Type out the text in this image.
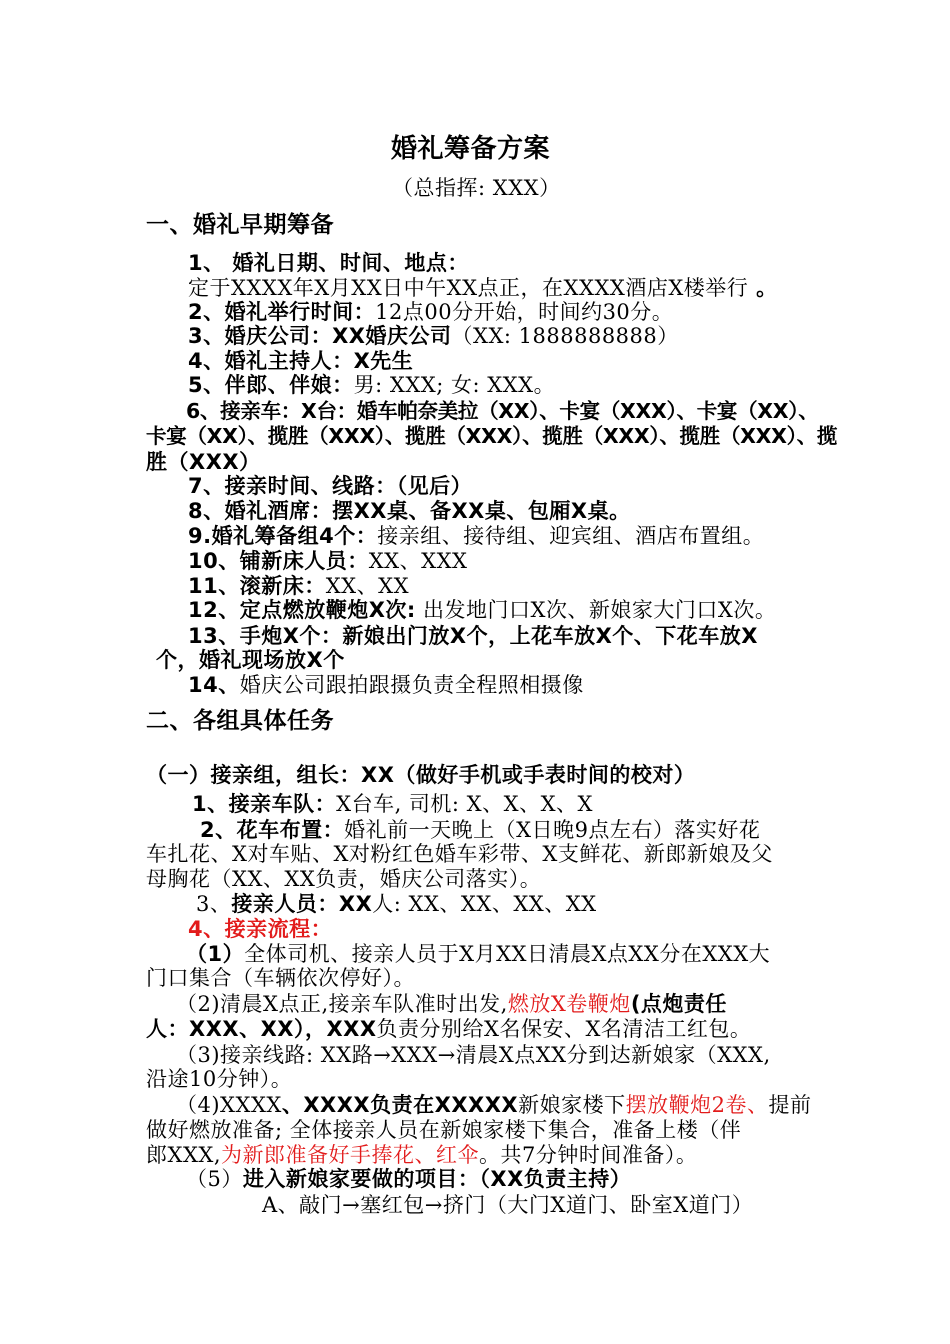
婚礼筹备方案
（总指挥: XXX）
一、婚礼早期筹备
1、 婚礼日期、时间、地点：
定于XXXX年X月XX日中午XX点正，在XXXX酒店X楼举行 。
2、婚礼举行时间：12点00分开始，时间约30分。
3、婚庆公司：XX婚庆公司（XX: 1888888888）
4、婚礼主持人：X先生
5、伴郎、伴娘：男: XXX; 女: XXX。
6、接亲车：X台：婚车帕奈美拉（XX）、卡宴（XXX）、卡宴（XX）、
卡宴（XX）、揽胜（XXX）、揽胜（XXX）、揽胜（XXX）、揽胜（XXX）、揽
胜（XXX）
7、接亲时间、线路：（见后）
8、婚礼酒席：摆XX桌、备XX桌、包厢X桌。
9.婚礼筹备组4个：接亲组、接待组、迎宾组、酒店布置组。
10、铺新床人员：XX、XXX
11、滚新床：XX、XX
12、定点燃放鞭炮X次: 出发地门口X次、新娘家大门口X次。
13、手炮X个：新娘出门放X个，上花车放X个、下花车放X
个，婚礼现场放X个
14、婚庆公司跟拍跟摄负责全程照相摄像
二、各组具体任务
（一）接亲组，组长：XX（做好手机或手表时间的校对）
1、接亲车队：X台车, 司机: X、X、X、X
2、花车布置：婚礼前一天晚上（X日晚9点左右）落实好花
车扎花、X对车贴、X对粉红色婚车彩带、X支鲜花、新郎新娘及父
母胸花（XX、XX负责，婚庆公司落实）。
3、接亲人员：XX人: XX、XX、XX、XX
4、接亲流程：
（1）全体司机、接亲人员于X月XX日清晨X点XX分在XXX大
门口集合（车辆依次停好）。
（2)清晨X点正,接亲车队准时出发,燃放X卷鞭炮(点炮责任
人：XXX、XX），XXX负责分别给X名保安、X名清洁工红包。
（3)接亲线路: XX路→XXX→清晨X点XX分到达新娘家（XXX,
沿途10分钟）。
（4)XXXX、XXXX负责在XXXXX新娘家楼下摆放鞭炮2卷、提前
做好燃放准备; 全体接亲人员在新娘家楼下集合，准备上楼（伴
郎XXX,为新郎准备好手捧花、红伞。共7分钟时间准备）。
（5）进入新娘家要做的项目：（XX负责主持）
A、敲门→塞红包→挤门（大门X道门、卧室X道门）
